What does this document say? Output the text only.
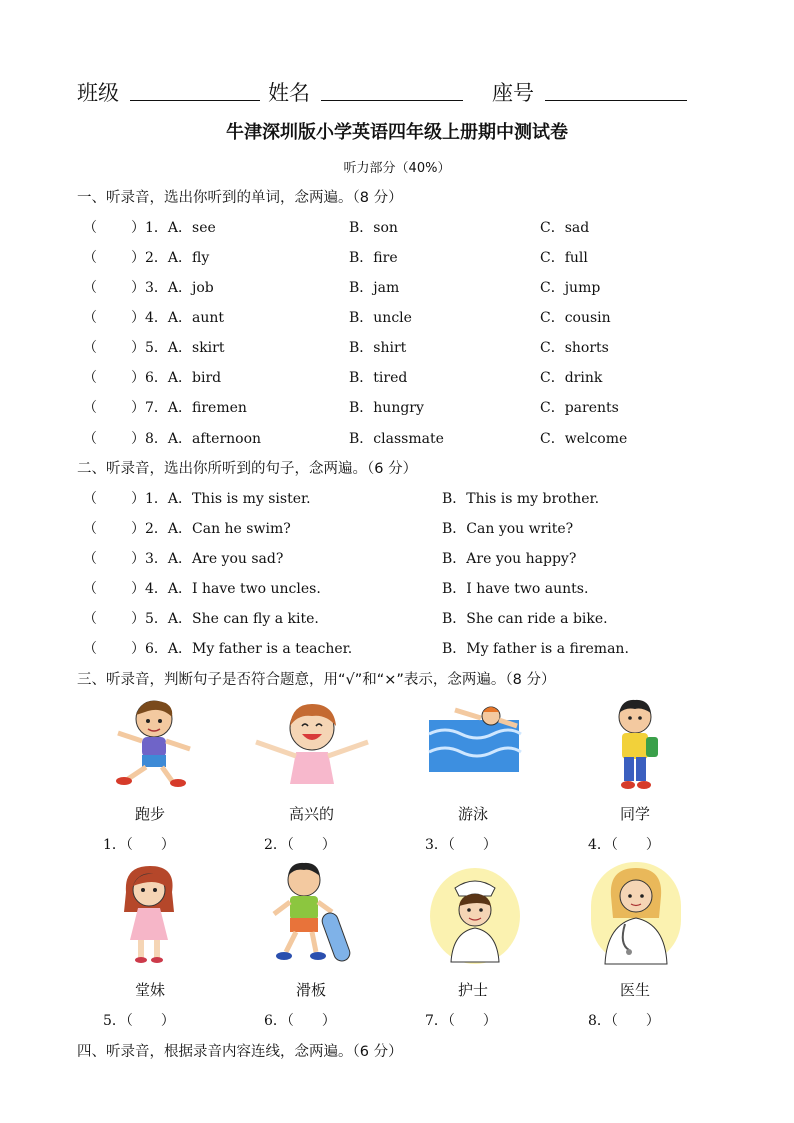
班级	姓名	座号
牛津深圳版小学英语四年级上册期中测试卷
听力部分（40%）
一、听录音，选出你听到的单词，念两遍。（8 分）
（ ）1．A．see	B．son	C．sad
（ ）2．A．fly	B．fire	C．full
（ ）3．A．job	B．jam	C．jump
（ ）4．A．aunt	B．uncle	C．cousin
（ ）5．A．skirt	B．shirt	C．shorts
（ ）6．A．bird	B．tired	C．drink
（ ）7．A．firemen	B．hungry	C．parents
（ ）8．A．afternoon	B．classmate	C．welcome
二、听录音，选出你所听到的句子，念两遍。（6 分）
（ ）1．A．This is my sister.	B．This is my brother.
（ ）2．A．Can he swim?	B．Can you write?
（ ）3．A．Are you sad?	B．Are you happy?
（ ）4．A．I have two uncles.	B．I have two aunts.
（ ）5．A．She can fly a kite.	B．She can ride a bike.
（ ）6．A．My father is a teacher.	B．My father is a fireman.
三、听录音，判断句子是否符合题意，用“√”和“×”表示，念两遍。（8 分）
跑步	高兴的	游泳	同学
1．（　　）	2．（　　）	3．（　　）	4．（　　）
堂妹	滑板	护士	医生
5．（　　）	6．（　　）	7．（　　）	8．（　　）
四、听录音，根据录音内容连线，念两遍。（6 分）
